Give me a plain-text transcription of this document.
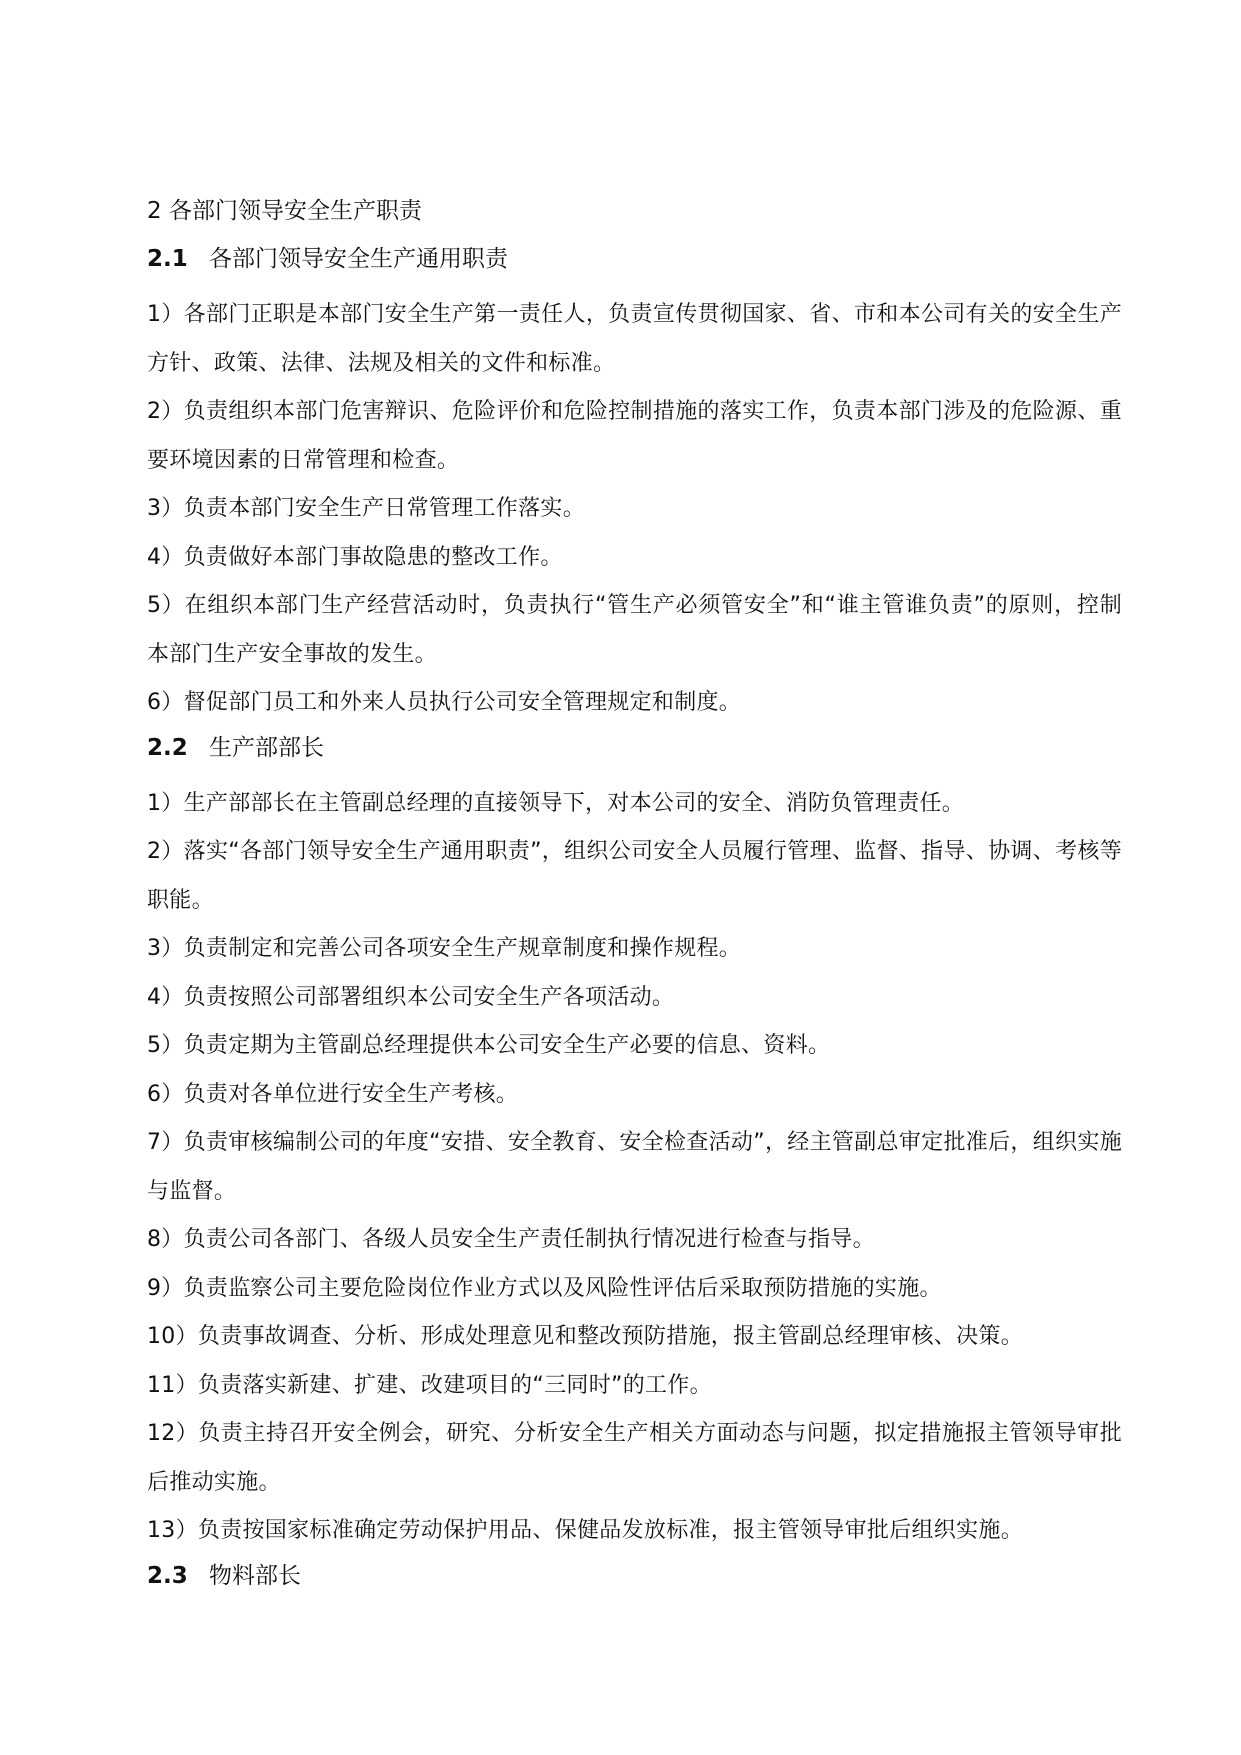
2 各部门领导安全生产职责
2.1 各部门领导安全生产通用职责

1）各部门正职是本部门安全生产第一责任人，负责宣传贯彻国家、省、市和本公司有关的安全生产方针、政策、法律、法规及相关的文件和标准。

2）负责组织本部门危害辩识、危险评价和危险控制措施的落实工作，负责本部门涉及的危险源、重要环境因素的日常管理和检查。

3）负责本部门安全生产日常管理工作落实。

4）负责做好本部门事故隐患的整改工作。

5）在组织本部门生产经营活动时，负责执行“管生产必须管安全”和“谁主管谁负责”的原则，控制本部门生产安全事故的发生。

6）督促部门员工和外来人员执行公司安全管理规定和制度。

2.2 生产部部长

1）生产部部长在主管副总经理的直接领导下，对本公司的安全、消防负管理责任。

2）落实“各部门领导安全生产通用职责”，组织公司安全人员履行管理、监督、指导、协调、考核等职能。

3）负责制定和完善公司各项安全生产规章制度和操作规程。

4）负责按照公司部署组织本公司安全生产各项活动。

5）负责定期为主管副总经理提供本公司安全生产必要的信息、资料。

6）负责对各单位进行安全生产考核。

7）负责审核编制公司的年度“安措、安全教育、安全检查活动”，经主管副总审定批准后，组织实施与监督。

8）负责公司各部门、各级人员安全生产责任制执行情况进行检查与指导。

9）负责监察公司主要危险岗位作业方式以及风险性评估后采取预防措施的实施。

10）负责事故调查、分析、形成处理意见和整改预防措施，报主管副总经理审核、决策。

11）负责落实新建、扩建、改建项目的“三同时”的工作。

12）负责主持召开安全例会，研究、分析安全生产相关方面动态与问题，拟定措施报主管领导审批后推动实施。

13）负责按国家标准确定劳动保护用品、保健品发放标准，报主管领导审批后组织实施。

2.3 物料部长
